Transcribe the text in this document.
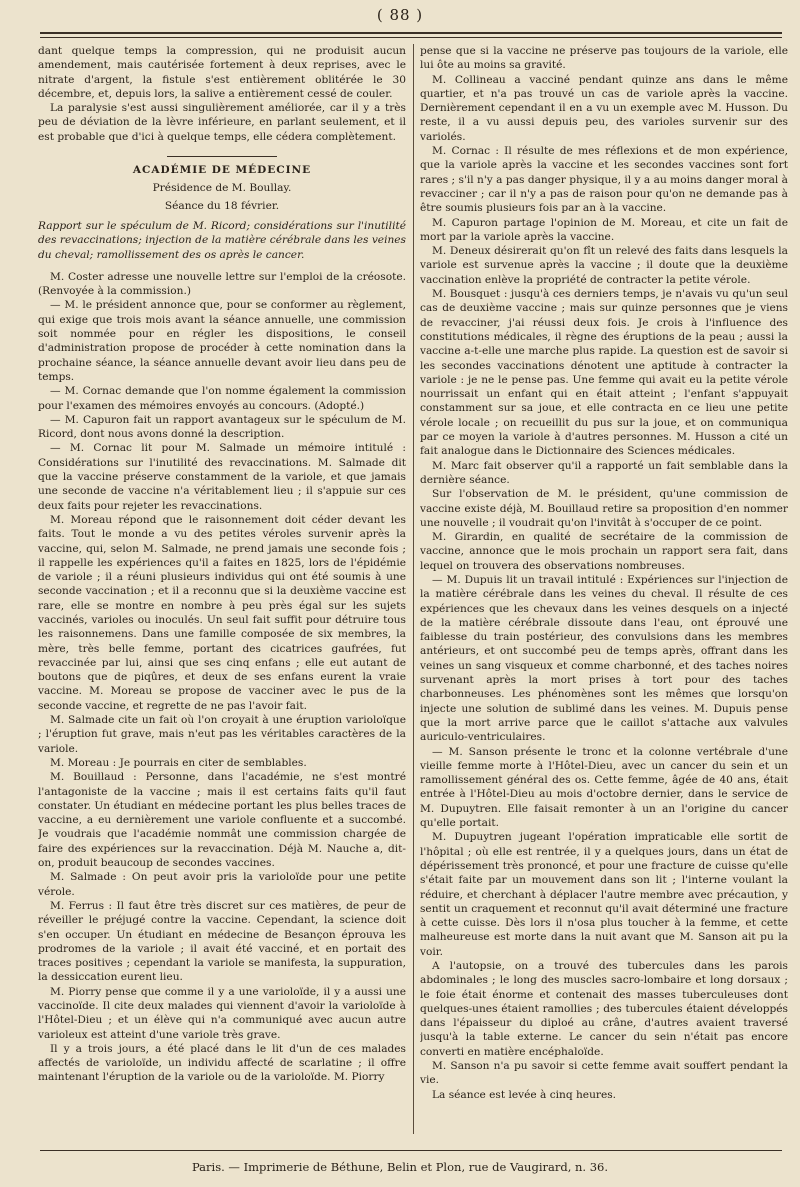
( 88 )

dant quelque temps la compression, qui ne produisit aucun amendement, mais cautérisée fortement à deux reprises, avec le nitrate d'argent, la fistule s'est entièrement oblitérée le 30 décembre, et, depuis lors, la salive a entièrement cessé de couler.

La paralysie s'est aussi singulièrement améliorée, car il y a très peu de déviation de la lèvre inférieure, en parlant seulement, et il est probable que d'ici à quelque temps, elle cédera complètement.

ACADÉMIE DE MÉDECINE

Présidence de M. Boullay.

Séance du 18 février.

Rapport sur le spéculum de M. Ricord; considérations sur l'inutilité des revaccinations; injection de la matière cérébrale dans les veines du cheval; ramollissement des os après le cancer.

M. Coster adresse une nouvelle lettre sur l'emploi de la créosote. (Renvoyée à la commission.)

— M. le président annonce que, pour se conformer au règlement, qui exige que trois mois avant la séance annuelle, une commission soit nommée pour en régler les dispositions, le conseil d'administration propose de procéder à cette nomination dans la prochaine séance, la séance annuelle devant avoir lieu dans peu de temps.

— M. Cornac demande que l'on nomme également la commission pour l'examen des mémoires envoyés au concours. (Adopté.)

— M. Capuron fait un rapport avantageux sur le spéculum de M. Ricord, dont nous avons donné la description.

— M. Cornac lit pour M. Salmade un mémoire intitulé : Considérations sur l'inutilité des revaccinations. M. Salmade dit que la vaccine préserve constamment de la variole, et que jamais une seconde de vaccine n'a véritablement lieu ; il s'appuie sur ces deux faits pour rejeter les revaccinations.

M. Moreau répond que le raisonnement doit céder devant les faits. Tout le monde a vu des petites véroles survenir après la vaccine, qui, selon M. Salmade, ne prend jamais une seconde fois ; il rappelle les expériences qu'il a faites en 1825, lors de l'épidémie de variole ; il a réuni plusieurs individus qui ont été soumis à une seconde vaccination ; et il a reconnu que si la deuxième vaccine est rare, elle se montre en nombre à peu près égal sur les sujets vaccinés, varioles ou inoculés. Un seul fait suffit pour détruire tous les raisonnemens. Dans une famille composée de six membres, la mère, très belle femme, portant des cicatrices gaufrées, fut revaccinée par lui, ainsi que ses cinq enfans ; elle eut autant de boutons que de piqûres, et deux de ses enfans eurent la vraie vaccine. M. Moreau se propose de vacciner avec le pus de la seconde vaccine, et regrette de ne pas l'avoir fait.

M. Salmade cite un fait où l'on croyait à une éruption varioloïque ; l'éruption fut grave, mais n'eut pas les véritables caractères de la variole.

M. Moreau : Je pourrais en citer de semblables.

M. Bouillaud : Personne, dans l'académie, ne s'est montré l'antagoniste de la vaccine ; mais il est certains faits qu'il faut constater. Un étudiant en médecine portant les plus belles traces de vaccine, a eu dernièrement une variole confluente et a succombé. Je voudrais que l'académie nommât une commission chargée de faire des expériences sur la revaccination. Déjà M. Nauche a, dit-on, produit beaucoup de secondes vaccines.

M. Salmade : On peut avoir pris la varioloïde pour une petite vérole.

M. Ferrus : Il faut être très discret sur ces matières, de peur de réveiller le préjugé contre la vaccine. Cependant, la science doit s'en occuper. Un étudiant en médecine de Besançon éprouva les prodromes de la variole ; il avait été vacciné, et en portait des traces positives ; cependant la variole se manifesta, la suppuration, la dessiccation eurent lieu.

M. Piorry pense que comme il y a une varioloïde, il y a aussi une vaccinoïde. Il cite deux malades qui viennent d'avoir la varioloïde à l'Hôtel-Dieu ; et un élève qui n'a communiqué avec aucun autre varioleux est atteint d'une variole très grave.

Il y a trois jours, a été placé dans le lit d'un de ces malades affectés de varioloïde, un individu affecté de scarlatine ; il offre maintenant l'éruption de la variole ou de la varioloïde. M. Piorry

pense que si la vaccine ne préserve pas toujours de la variole, elle lui ôte au moins sa gravité.

M. Collineau a vacciné pendant quinze ans dans le même quartier, et n'a pas trouvé un cas de variole après la vaccine. Dernièrement cependant il en a vu un exemple avec M. Husson. Du reste, il a vu aussi depuis peu, des varioles survenir sur des variolés.

M. Cornac : Il résulte de mes réflexions et de mon expérience, que la variole après la vaccine et les secondes vaccines sont fort rares ; s'il n'y a pas danger physique, il y a au moins danger moral à revacciner ; car il n'y a pas de raison pour qu'on ne demande pas à être soumis plusieurs fois par an à la vaccine.

M. Capuron partage l'opinion de M. Moreau, et cite un fait de mort par la variole après la vaccine.

M. Deneux désirerait qu'on fît un relevé des faits dans lesquels la variole est survenue après la vaccine ; il doute que la deuxième vaccination enlève la propriété de contracter la petite vérole.

M. Bousquet : jusqu'à ces derniers temps, je n'avais vu qu'un seul cas de deuxième vaccine ; mais sur quinze personnes que je viens de revacciner, j'ai réussi deux fois. Je crois à l'influence des constitutions médicales, il règne des éruptions de la peau ; aussi la vaccine a-t-elle une marche plus rapide. La question est de savoir si les secondes vaccinations dénotent une aptitude à contracter la variole : je ne le pense pas. Une femme qui avait eu la petite vérole nourrissait un enfant qui en était atteint ; l'enfant s'appuyait constamment sur sa joue, et elle contracta en ce lieu une petite vérole locale ; on recueillit du pus sur la joue, et on communiqua par ce moyen la variole à d'autres personnes. M. Husson a cité un fait analogue dans le Dictionnaire des Sciences médicales.

M. Marc fait observer qu'il a rapporté un fait semblable dans la dernière séance.

Sur l'observation de M. le président, qu'une commission de vaccine existe déjà, M. Bouillaud retire sa proposition d'en nommer une nouvelle ; il voudrait qu'on l'invitât à s'occuper de ce point.

M. Girardin, en qualité de secrétaire de la commission de vaccine, annonce que le mois prochain un rapport sera fait, dans lequel on trouvera des observations nombreuses.

— M. Dupuis lit un travail intitulé : Expériences sur l'injection de la matière cérébrale dans les veines du cheval. Il résulte de ces expériences que les chevaux dans les veines desquels on a injecté de la matière cérébrale dissoute dans l'eau, ont éprouvé une faiblesse du train postérieur, des convulsions dans les membres antérieurs, et ont succombé peu de temps après, offrant dans les veines un sang visqueux et comme charbonné, et des taches noires survenant après la mort prises à tort pour des taches charbonneuses. Les phénomènes sont les mêmes que lorsqu'on injecte une solution de sublimé dans les veines. M. Dupuis pense que la mort arrive parce que le caillot s'attache aux valvules auriculo-ventriculaires.

— M. Sanson présente le tronc et la colonne vertébrale d'une vieille femme morte à l'Hôtel-Dieu, avec un cancer du sein et un ramollissement général des os. Cette femme, âgée de 40 ans, était entrée à l'Hôtel-Dieu au mois d'octobre dernier, dans le service de M. Dupuytren. Elle faisait remonter à un an l'origine du cancer qu'elle portait.

M. Dupuytren jugeant l'opération impraticable elle sortit de l'hôpital ; où elle est rentrée, il y a quelques jours, dans un état de dépérissement très prononcé, et pour une fracture de cuisse qu'elle s'était faite par un mouvement dans son lit ; l'interne voulant la réduire, et cherchant à déplacer l'autre membre avec précaution, y sentit un craquement et reconnut qu'il avait déterminé une fracture à cette cuisse. Dès lors il n'osa plus toucher à la femme, et cette malheureuse est morte dans la nuit avant que M. Sanson ait pu la voir.

A l'autopsie, on a trouvé des tubercules dans les parois abdominales ; le long des muscles sacro-lombaire et long dorsaux ; le foie était énorme et contenait des masses tuberculeuses dont quelques-unes étaient ramollies ; des tubercules étaient développés dans l'épaisseur du diploé au crâne, d'autres avaient traversé jusqu'à la table externe. Le cancer du sein n'était pas encore converti en matière encéphaloïde.

M. Sanson n'a pu savoir si cette femme avait souffert pendant la vie.

La séance est levée à cinq heures.

Paris. — Imprimerie de Béthune, Belin et Plon, rue de Vaugirard, n. 36.
